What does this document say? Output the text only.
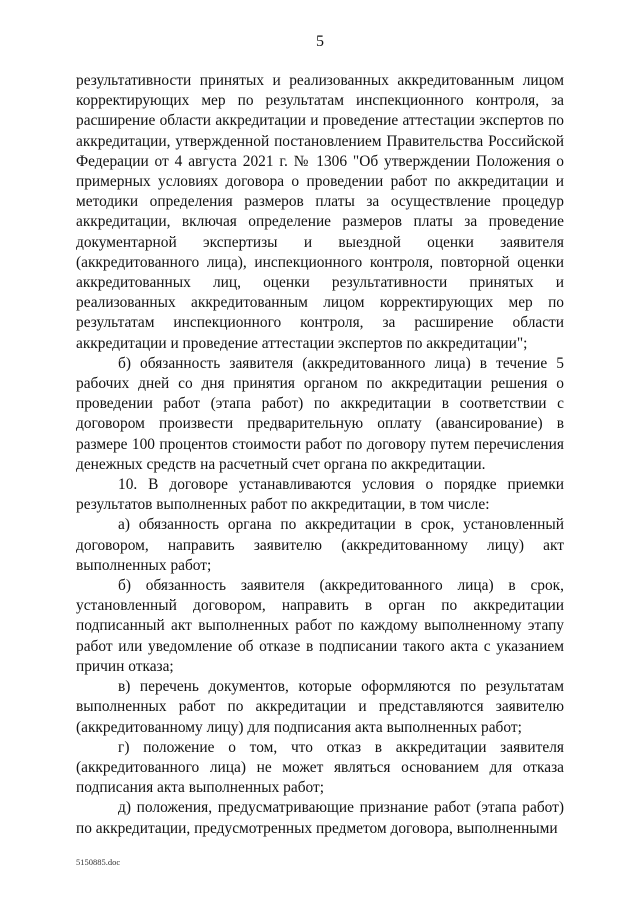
5

результативности принятых и реализованных аккредитованным лицом корректирующих мер по результатам инспекционного контроля, за расширение области аккредитации и проведение аттестации экспертов по аккредитации, утвержденной постановлением Правительства Российской Федерации от 4 августа 2021 г. № 1306 "Об утверждении Положения о примерных условиях договора о проведении работ по аккредитации и методики определения размеров платы за осуществление процедур аккредитации, включая определение размеров платы за проведение документарной экспертизы и выездной оценки заявителя (аккредитованного лица), инспекционного контроля, повторной оценки аккредитованных лиц, оценки результативности принятых и реализованных аккредитованным лицом корректирующих мер по результатам инспекционного контроля, за расширение области аккредитации и проведение аттестации экспертов по аккредитации";

б) обязанность заявителя (аккредитованного лица) в течение 5 рабочих дней со дня принятия органом по аккредитации решения о проведении работ (этапа работ) по аккредитации в соответствии с договором произвести предварительную оплату (авансирование) в размере 100 процентов стоимости работ по договору путем перечисления денежных средств на расчетный счет органа по аккредитации.

10. В договоре устанавливаются условия о порядке приемки результатов выполненных работ по аккредитации, в том числе:

а) обязанность органа по аккредитации в срок, установленный договором, направить заявителю (аккредитованному лицу) акт выполненных работ;

б) обязанность заявителя (аккредитованного лица) в срок, установленный договором, направить в орган по аккредитации подписанный акт выполненных работ по каждому выполненному этапу работ или уведомление об отказе в подписании такого акта с указанием причин отказа;

в) перечень документов, которые оформляются по результатам выполненных работ по аккредитации и представляются заявителю (аккредитованному лицу) для подписания акта выполненных работ;

г) положение о том, что отказ в аккредитации заявителя (аккредитованного лица) не может являться основанием для отказа подписания акта выполненных работ;

д) положения, предусматривающие признание работ (этапа работ) по аккредитации, предусмотренных предметом договора, выполненными

5150885.doc
